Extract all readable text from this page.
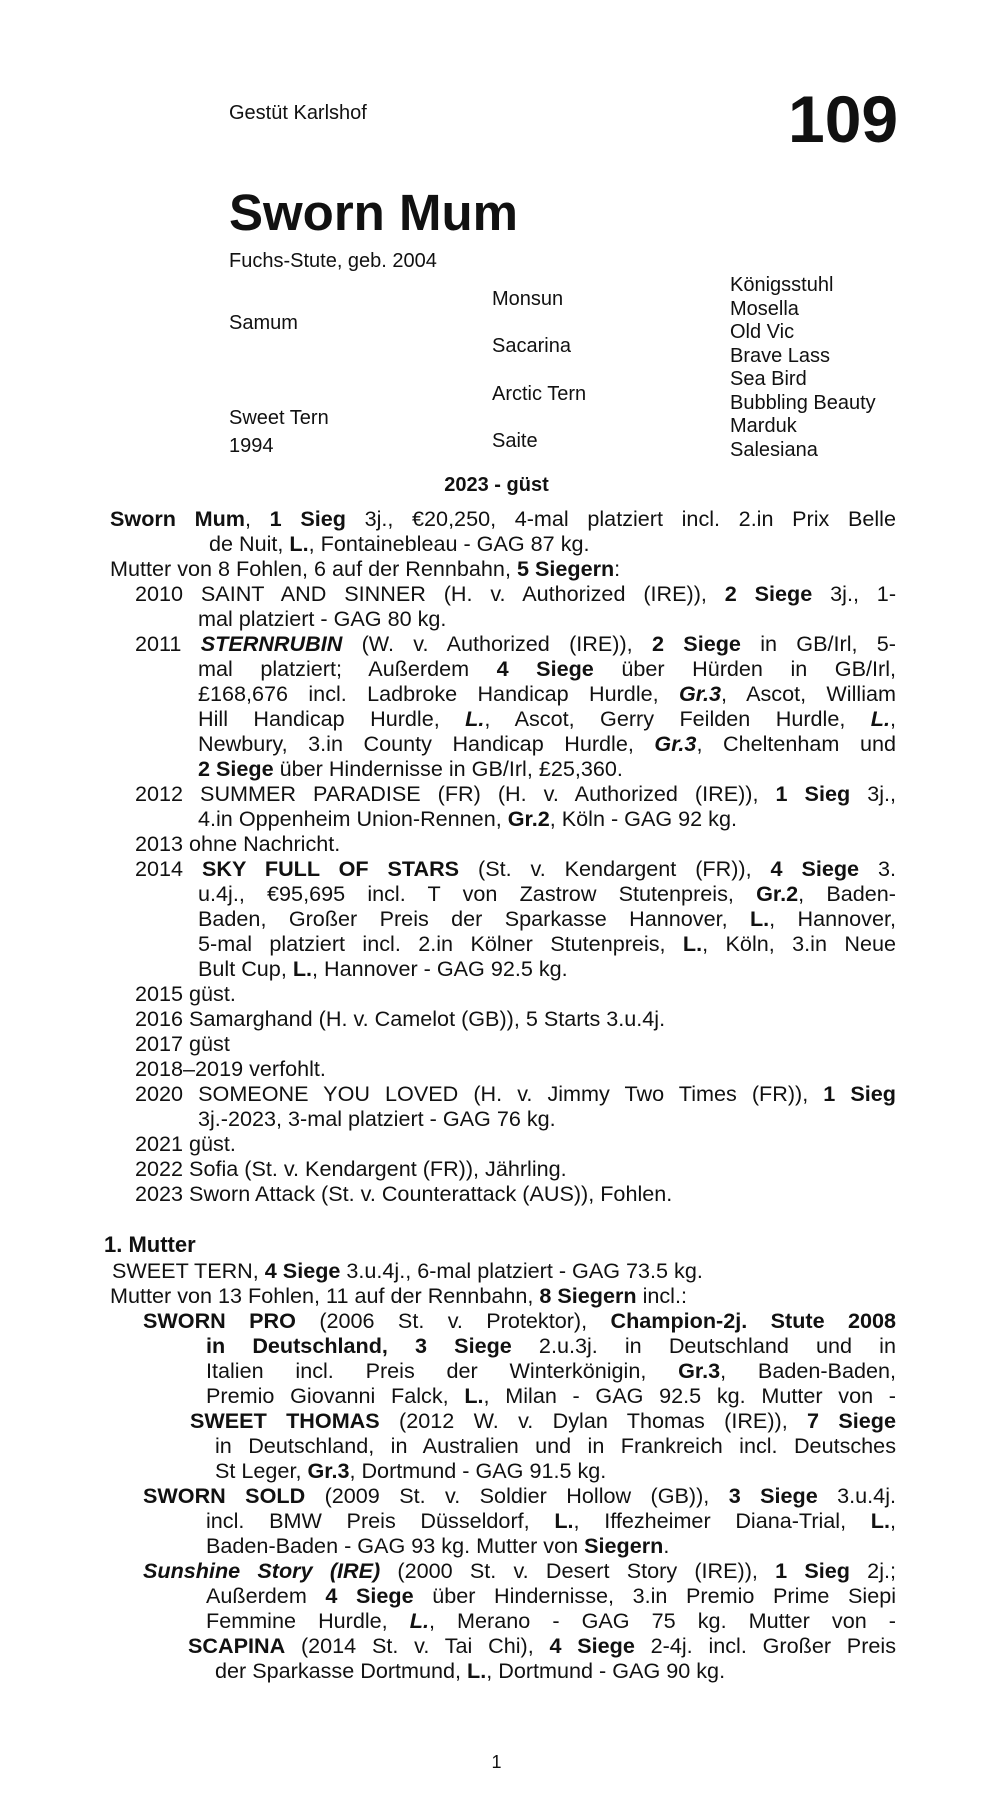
Gestüt Karlshof	109
Sworn Mum
Fuchs-Stute, geb. 2004
Samum
Sweet Tern
1994
Monsun
Sacarina
Arctic Tern
Saite
Königsstuhl
Mosella
Old Vic
Brave Lass
Sea Bird
Bubbling Beauty
Marduk
Salesiana
2023 - güst
Sworn Mum, 1 Sieg 3j., €20,250, 4-mal platziert incl. 2.in Prix Belle
de Nuit, L., Fontainebleau - GAG 87 kg.
Mutter von 8 Fohlen, 6 auf der Rennbahn, 5 Siegern:
2010 SAINT AND SINNER (H. v. Authorized (IRE)), 2 Siege 3j., 1-
mal platziert - GAG 80 kg.
2011 STERNRUBIN (W. v. Authorized (IRE)), 2 Siege in GB/Irl, 5-
mal platziert; Außerdem 4 Siege über Hürden in GB/Irl,
£168,676 incl. Ladbroke Handicap Hurdle, Gr.3, Ascot, William
Hill Handicap Hurdle, L., Ascot, Gerry Feilden Hurdle, L.,
Newbury, 3.in County Handicap Hurdle, Gr.3, Cheltenham und
2 Siege über Hindernisse in GB/Irl, £25,360.
2012 SUMMER PARADISE (FR) (H. v. Authorized (IRE)), 1 Sieg 3j.,
4.in Oppenheim Union-Rennen, Gr.2, Köln - GAG 92 kg.
2013 ohne Nachricht.
2014 SKY FULL OF STARS (St. v. Kendargent (FR)), 4 Siege 3.
u.4j., €95,695 incl. T von Zastrow Stutenpreis, Gr.2, Baden-
Baden, Großer Preis der Sparkasse Hannover, L., Hannover,
5-mal platziert incl. 2.in Kölner Stutenpreis, L., Köln, 3.in Neue
Bult Cup, L., Hannover - GAG 92.5 kg.
2015 güst.
2016 Samarghand (H. v. Camelot (GB)), 5 Starts 3.u.4j.
2017 güst
2018–2019 verfohlt.
2020 SOMEONE YOU LOVED (H. v. Jimmy Two Times (FR)), 1 Sieg
3j.-2023, 3-mal platziert - GAG 76 kg.
2021 güst.
2022 Sofia (St. v. Kendargent (FR)), Jährling.
2023 Sworn Attack (St. v. Counterattack (AUS)), Fohlen.
1. Mutter
SWEET TERN, 4 Siege 3.u.4j., 6-mal platziert - GAG 73.5 kg.
Mutter von 13 Fohlen, 11 auf der Rennbahn, 8 Siegern incl.:
SWORN PRO (2006 St. v. Protektor), Champion-2j. Stute 2008
in Deutschland, 3 Siege 2.u.3j. in Deutschland und in
Italien incl. Preis der Winterkönigin, Gr.3, Baden-Baden,
Premio Giovanni Falck, L., Milan - GAG 92.5 kg. Mutter von -
SWEET THOMAS (2012 W. v. Dylan Thomas (IRE)), 7 Siege
in Deutschland, in Australien und in Frankreich incl. Deutsches
St Leger, Gr.3, Dortmund - GAG 91.5 kg.
SWORN SOLD (2009 St. v. Soldier Hollow (GB)), 3 Siege 3.u.4j.
incl. BMW Preis Düsseldorf, L., Iffezheimer Diana-Trial, L.,
Baden-Baden - GAG 93 kg. Mutter von Siegern.
Sunshine Story (IRE) (2000 St. v. Desert Story (IRE)), 1 Sieg 2j.;
Außerdem 4 Siege über Hindernisse, 3.in Premio Prime Siepi
Femmine Hurdle, L., Merano - GAG 75 kg. Mutter von -
SCAPINA (2014 St. v. Tai Chi), 4 Siege 2-4j. incl. Großer Preis
der Sparkasse Dortmund, L., Dortmund - GAG 90 kg.
1
